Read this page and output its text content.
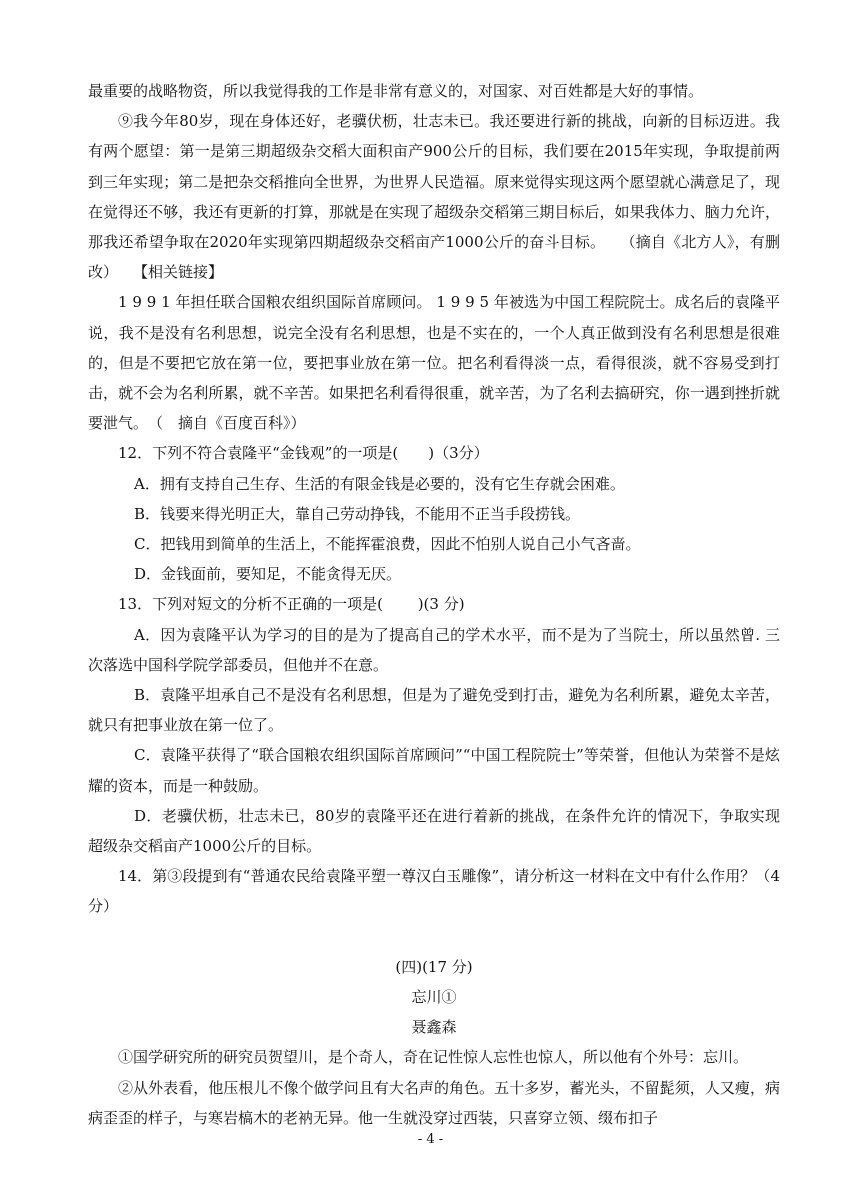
最重要的战略物资，所以我觉得我的工作是非常有意义的，对国家、对百姓都是大好的事情。

⑨我今年80岁，现在身体还好，老骥伏枥，壮志未已。我还要进行新的挑战，向新的目标迈进。我有两个愿望：第一是第三期超级杂交稻大面积亩产900公斤的目标，我们要在2015年实现，争取提前两到三年实现；第二是把杂交稻推向全世界，为世界人民造福。原来觉得实现这两个愿望就心满意足了，现在觉得还不够，我还有更新的打算，那就是在实现了超级杂交稻第三期目标后，如果我体力、脑力允许，那我还希望争取在2020年实现第四期超级杂交稻亩产1000公斤的奋斗目标。　　（摘自《北方人》，有删改）　　【相关链接】

1 9 9 1 年担任联合国粮农组织国际首席顾问。 1 9 9 5 年被选为中国工程院院士。成名后的袁隆平说，我不是没有名利思想，说完全没有名利思想，也是不实在的，一个人真正做到没有名利思想是很难的，但是不要把它放在第一位，要把事业放在第一位。把名利看得淡一点，看得很淡，就不容易受到打击，就不会为名利所累，就不辛苦。如果把名利看得很重，就辛苦，为了名利去搞研究，你一遇到挫折就要泄气。　（　摘自《百度百科》）

12．下列不符合袁隆平“金钱观”的一项是(　　)（3分）

A．拥有支持自己生存、生活的有限金钱是必要的，没有它生存就会困难。

B．钱要来得光明正大，靠自己劳动挣钱，不能用不正当手段捞钱。

C．把钱用到简单的生活上，不能挥霍浪费，因此不怕别人说自己小气吝啬。

D．金钱面前，要知足，不能贪得无厌。

13．下列对短文的分析不正确的一项是(　　 )(3 分)

A．因为袁隆平认为学习的目的是为了提高自己的学术水平，而不是为了当院士，所以虽然曾. 三次落选中国科学院学部委员，但他并不在意。

B．袁隆平坦承自己不是没有名利思想，但是为了避免受到打击，避免为名利所累，避免太辛苦，就只有把事业放在第一位了。

C．袁隆平获得了“联合国粮农组织国际首席顾问”“中国工程院院士”等荣誉，但他认为荣誉不是炫耀的资本，而是一种鼓励。

D．老骥伏枥，壮志未已，80岁的袁隆平还在进行着新的挑战，在条件允许的情况下，争取实现超级杂交稻亩产1000公斤的目标。

14．第③段提到有“普通农民给袁隆平塑一尊汉白玉雕像”，请分析这一材料在文中有什么作用？（4分）

(四)(17 分)

忘川①

聂鑫森

①国学研究所的研究员贺望川，是个奇人，奇在记性惊人忘性也惊人，所以他有个外号：忘川。

②从外表看，他压根儿不像个做学问且有大名声的角色。五十多岁，蓄光头，不留髭须，人又瘦，病病歪歪的样子，与寒岩槁木的老衲无异。他一生就没穿过西装，只喜穿立领、缀布扣子

- 4 -
